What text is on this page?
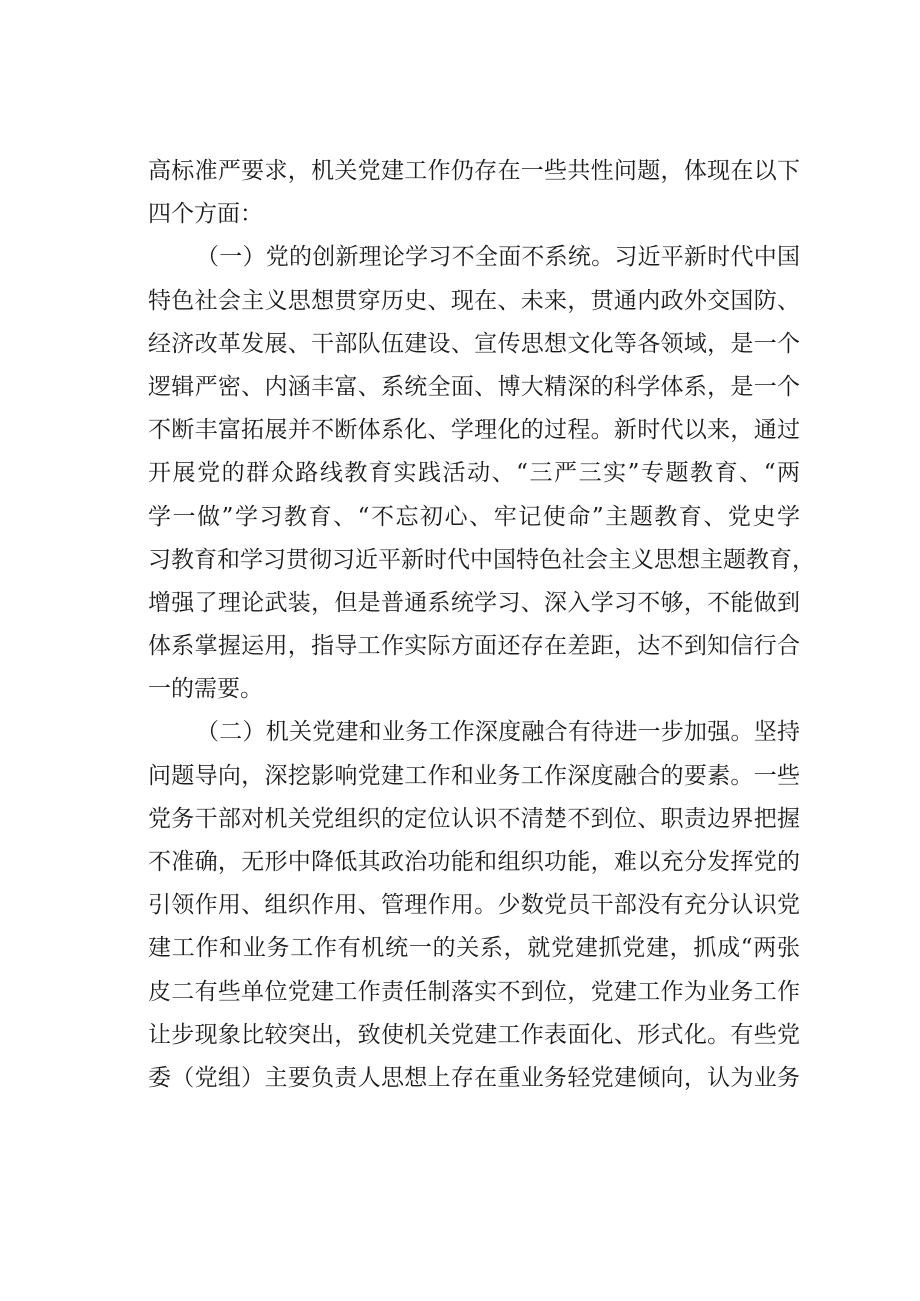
高标准严要求，机关党建工作仍存在一些共性问题，体现在以下
四个方面：
（一）党的创新理论学习不全面不系统。习近平新时代中国
特色社会主义思想贯穿历史、现在、未来，贯通内政外交国防、
经济改革发展、干部队伍建设、宣传思想文化等各领域，是一个
逻辑严密、内涵丰富、系统全面、博大精深的科学体系，是一个
不断丰富拓展并不断体系化、学理化的过程。新时代以来，通过
开展党的群众路线教育实践活动、“三严三实”专题教育、“两
学一做”学习教育、“不忘初心、牢记使命”主题教育、党史学
习教育和学习贯彻习近平新时代中国特色社会主义思想主题教育，
增强了理论武装，但是普通系统学习、深入学习不够，不能做到
体系掌握运用，指导工作实际方面还存在差距，达不到知信行合
一的需要。
（二）机关党建和业务工作深度融合有待进一步加强。坚持
问题导向，深挖影响党建工作和业务工作深度融合的要素。一些
党务干部对机关党组织的定位认识不清楚不到位、职责边界把握
不准确，无形中降低其政治功能和组织功能，难以充分发挥党的
引领作用、组织作用、管理作用。少数党员干部没有充分认识党
建工作和业务工作有机统一的关系，就党建抓党建，抓成“两张
皮二有些单位党建工作责任制落实不到位，党建工作为业务工作
让步现象比较突出，致使机关党建工作表面化、形式化。有些党
委（党组）主要负责人思想上存在重业务轻党建倾向，认为业务
